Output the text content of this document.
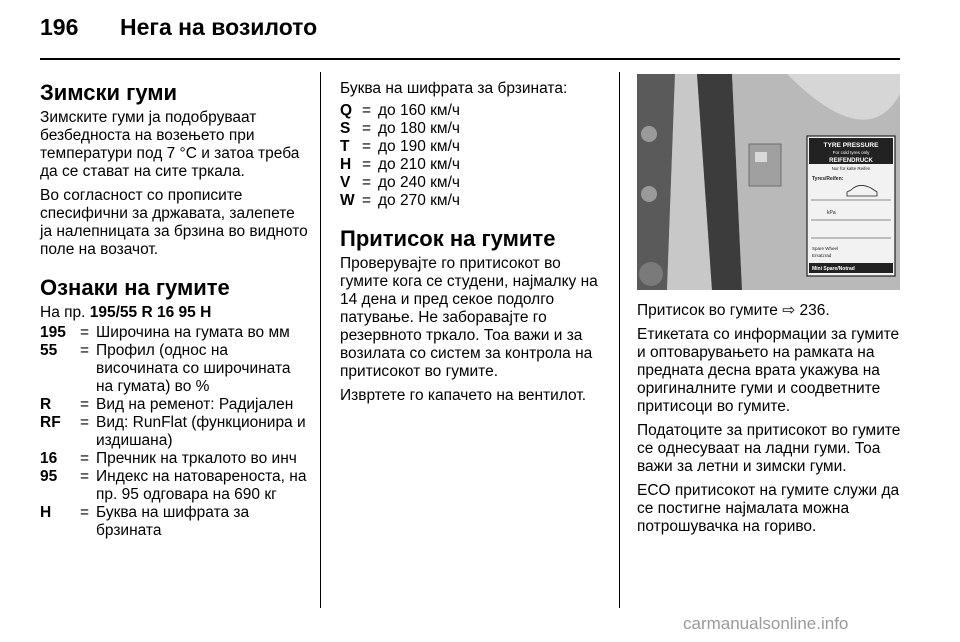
196 Нега на возилото
Зимски гуми

Зимските гуми ја подобруваат безбедноста на возењето при температури под 7 °C и затоа треба да се стават на сите тркала.

Во согласност со прописите спесифични за државата, залепете ја налепницата за брзина во видното поле на возачот.

Ознаки на гумите

На пр. 195/55 R 16 95 H

195 = Широчина на гумата во мм
55	= Профил (однос на височината со широчината на гумата) во %
R	= Вид на ременот: Радијален
RF	= Вид: RunFlat (функционира и издишана)
16	= Пречник на тркалото во инч
95	= Индекс на натовареноста, на пр. 95 одговара на 690 кг
H	= Буква на шифрата за брзината

Буква на шифрата за брзината:

Q = до 160 км/ч
S = до 180 км/ч
T = до 190 км/ч
H = до 210 км/ч
V = до 240 км/ч
W = до 270 км/ч
Притисок на гумите

Проверувајте го притисокот во гумите кога се студени, најмалку на 14 дена и пред секое подолго патување. Не заборавајте го резервното тркало. Тоа важи и за возилата со систем за контрола на притисокот во гумите.

Извртете го капачето на вентилот.

TYRE PRESSURE
For cold tyres only
REIFENDRUCK
Nur für kalte Reifen
Tyres/Reifen:
kPa
Spare Wheel
Ersatzrad
Mini Spare/Notrad

Притисок во гумите ⇨ 236.

Етикетата со информации за гумите и оптоварувањето на рамката на предната десна врата укажува на оригиналните гуми и соодветните притисоци во гумите.

Податоците за притисокот во гумите се однесуваат на ладни гуми. Тоа важи за летни и зимски гуми.

ECO притисокот на гумите служи да се постигне најмалата можна потрошувачка на гориво.

carmanualsonline.info
